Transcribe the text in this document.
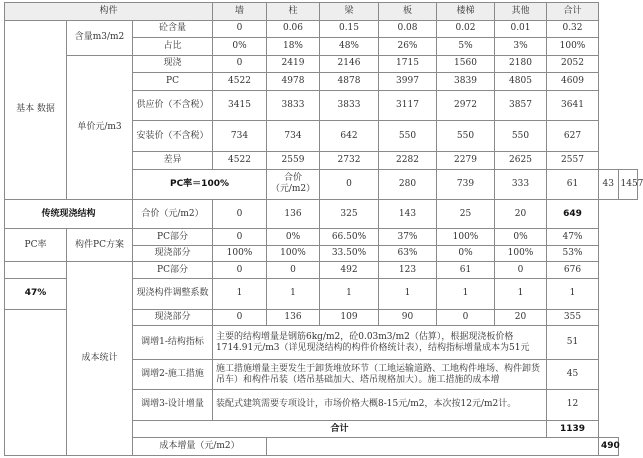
构件			墙	柱	梁	板	楼梯	其他	合计		
基本 数据	含量m3/m2	砼含量	0	0.06	0.15	0.08	0.02	0.01	0.32		
		占比	0%	18%	48%	26%	5%	3%	100%		
	单价元/m3	现浇	0	2419	2146	1715	1560	2180	2052		
		PC	4522	4978	4878	3997	3839	4805	4609		
		供应价（不含税）	3415	3833	3833	3117	2972	3857	3641		
		安装价（不含税）	734	734	642	550	550	550	627		
		差异	4522	2559	2732	2282	2279	2625	2557		
		PC率＝100%		合价（元/m2）	0	280	739	333	61	43	1457
传统现浇结构		合价（元/m2）	0	136	325	143	25	20	649		
PC率	构件PC方案	PC部分	0	0%	66.50%	37%	100%	0%	47%		
		现浇部分	100%	100%	33.50%	63%	0%	100%	53%		
	成本统计	PC部分	0	0	492	123	61	0	676		
47%		现浇构件调整系数	1	1	1	1	1	1	1		
		现浇部分	0	136	109	90	0	20	355		
		调增1-结构指标	主要的结构增量是钢筋6kg/m2，砼0.03m3/m2（估算），根据现浇板价格1714.91元/m3（详见现浇结构的构件价格统计表），结构指标增量成本为51元						51		
		调增2-施工措施	施工措施增量主要发生于卸货堆放环节（工地运输道路、工地构件堆场、构件卸货吊车）和构件吊装（塔吊基础加大、塔吊规格加大）。施工措施的成本增						45		
		调增3-设计增量	装配式建筑需要专项设计，市场价格大概8-15元/m2，本次按12元/m2计。						12		
		合计							1139		
		成本增量（元/m2）								490	
